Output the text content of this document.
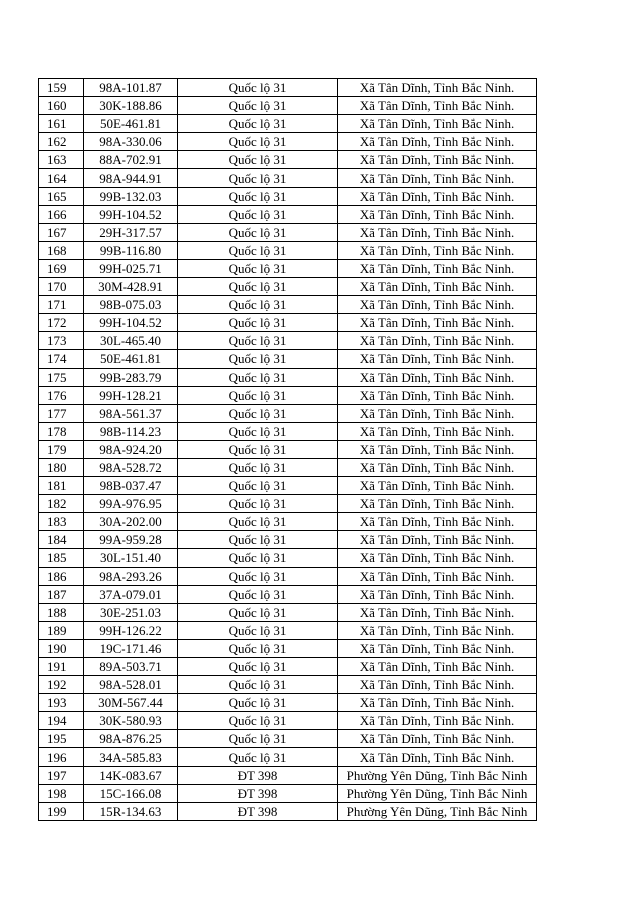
159	98A-101.87	Quốc lộ 31	Xã Tân Dĩnh, Tỉnh Bắc Ninh.
160	30K-188.86	Quốc lộ 31	Xã Tân Dĩnh, Tỉnh Bắc Ninh.
161	50E-461.81	Quốc lộ 31	Xã Tân Dĩnh, Tỉnh Bắc Ninh.
162	98A-330.06	Quốc lộ 31	Xã Tân Dĩnh, Tỉnh Bắc Ninh.
163	88A-702.91	Quốc lộ 31	Xã Tân Dĩnh, Tỉnh Bắc Ninh.
164	98A-944.91	Quốc lộ 31	Xã Tân Dĩnh, Tỉnh Bắc Ninh.
165	99B-132.03	Quốc lộ 31	Xã Tân Dĩnh, Tỉnh Bắc Ninh.
166	99H-104.52	Quốc lộ 31	Xã Tân Dĩnh, Tỉnh Bắc Ninh.
167	29H-317.57	Quốc lộ 31	Xã Tân Dĩnh, Tỉnh Bắc Ninh.
168	99B-116.80	Quốc lộ 31	Xã Tân Dĩnh, Tỉnh Bắc Ninh.
169	99H-025.71	Quốc lộ 31	Xã Tân Dĩnh, Tỉnh Bắc Ninh.
170	30M-428.91	Quốc lộ 31	Xã Tân Dĩnh, Tỉnh Bắc Ninh.
171	98B-075.03	Quốc lộ 31	Xã Tân Dĩnh, Tỉnh Bắc Ninh.
172	99H-104.52	Quốc lộ 31	Xã Tân Dĩnh, Tỉnh Bắc Ninh.
173	30L-465.40	Quốc lộ 31	Xã Tân Dĩnh, Tỉnh Bắc Ninh.
174	50E-461.81	Quốc lộ 31	Xã Tân Dĩnh, Tỉnh Bắc Ninh.
175	99B-283.79	Quốc lộ 31	Xã Tân Dĩnh, Tỉnh Bắc Ninh.
176	99H-128.21	Quốc lộ 31	Xã Tân Dĩnh, Tỉnh Bắc Ninh.
177	98A-561.37	Quốc lộ 31	Xã Tân Dĩnh, Tỉnh Bắc Ninh.
178	98B-114.23	Quốc lộ 31	Xã Tân Dĩnh, Tỉnh Bắc Ninh.
179	98A-924.20	Quốc lộ 31	Xã Tân Dĩnh, Tỉnh Bắc Ninh.
180	98A-528.72	Quốc lộ 31	Xã Tân Dĩnh, Tỉnh Bắc Ninh.
181	98B-037.47	Quốc lộ 31	Xã Tân Dĩnh, Tỉnh Bắc Ninh.
182	99A-976.95	Quốc lộ 31	Xã Tân Dĩnh, Tỉnh Bắc Ninh.
183	30A-202.00	Quốc lộ 31	Xã Tân Dĩnh, Tỉnh Bắc Ninh.
184	99A-959.28	Quốc lộ 31	Xã Tân Dĩnh, Tỉnh Bắc Ninh.
185	30L-151.40	Quốc lộ 31	Xã Tân Dĩnh, Tỉnh Bắc Ninh.
186	98A-293.26	Quốc lộ 31	Xã Tân Dĩnh, Tỉnh Bắc Ninh.
187	37A-079.01	Quốc lộ 31	Xã Tân Dĩnh, Tỉnh Bắc Ninh.
188	30E-251.03	Quốc lộ 31	Xã Tân Dĩnh, Tỉnh Bắc Ninh.
189	99H-126.22	Quốc lộ 31	Xã Tân Dĩnh, Tỉnh Bắc Ninh.
190	19C-171.46	Quốc lộ 31	Xã Tân Dĩnh, Tỉnh Bắc Ninh.
191	89A-503.71	Quốc lộ 31	Xã Tân Dĩnh, Tỉnh Bắc Ninh.
192	98A-528.01	Quốc lộ 31	Xã Tân Dĩnh, Tỉnh Bắc Ninh.
193	30M-567.44	Quốc lộ 31	Xã Tân Dĩnh, Tỉnh Bắc Ninh.
194	30K-580.93	Quốc lộ 31	Xã Tân Dĩnh, Tỉnh Bắc Ninh.
195	98A-876.25	Quốc lộ 31	Xã Tân Dĩnh, Tỉnh Bắc Ninh.
196	34A-585.83	Quốc lộ 31	Xã Tân Dĩnh, Tỉnh Bắc Ninh.
197	14K-083.67	ĐT 398	Phường Yên Dũng, Tỉnh Bắc Ninh
198	15C-166.08	ĐT 398	Phường Yên Dũng, Tỉnh Bắc Ninh
199	15R-134.63	ĐT 398	Phường Yên Dũng, Tỉnh Bắc Ninh
